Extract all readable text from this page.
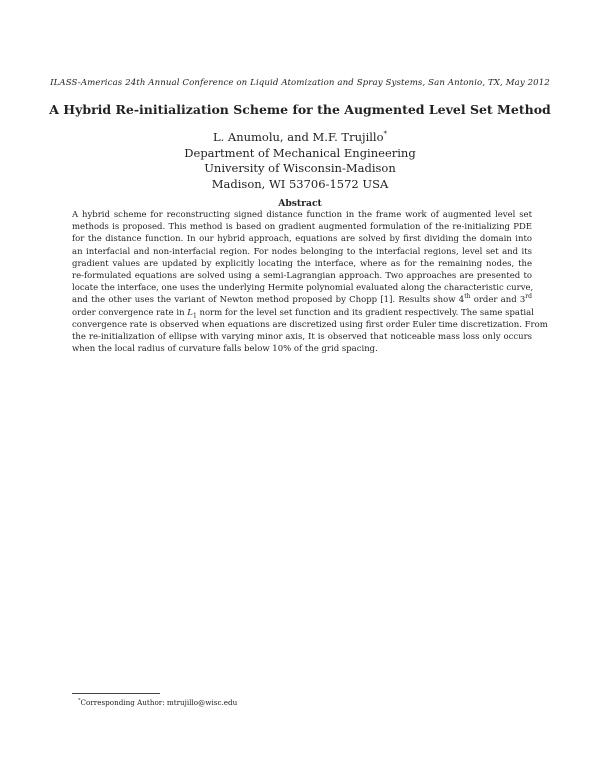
ILASS-Americas 24th Annual Conference on Liquid Atomization and Spray Systems, San Antonio, TX, May 2012
A Hybrid Re-initialization Scheme for the Augmented Level Set Method
L. Anumolu, and M.F. Trujillo*
Department of Mechanical Engineering
University of Wisconsin-Madison
Madison, WI 53706-1572 USA
Abstract
A hybrid scheme for reconstructing signed distance function in the frame work of augmented level set
methods is proposed. This method is based on gradient augmented formulation of the re-initializing PDE
for the distance function. In our hybrid approach, equations are solved by first dividing the domain into
an interfacial and non-interfacial region. For nodes belonging to the interfacial regions, level set and its
gradient values are updated by explicitly locating the interface, where as for the remaining nodes, the
re-formulated equations are solved using a semi-Lagrangian approach. Two approaches are presented to
locate the interface, one uses the underlying Hermite polynomial evaluated along the characteristic curve,
and the other uses the variant of Newton method proposed by Chopp [1]. Results show 4th order and 3rd
order convergence rate in $L_1$ norm for the level set function and its gradient respectively. The same spatial
convergence rate is observed when equations are discretized using first order Euler time discretization. From
the re-initialization of ellipse with varying minor axis, It is observed that noticeable mass loss only occurs
when the local radius of curvature falls below 10% of the grid spacing.
*Corresponding Author: mtrujillo@wisc.edu
